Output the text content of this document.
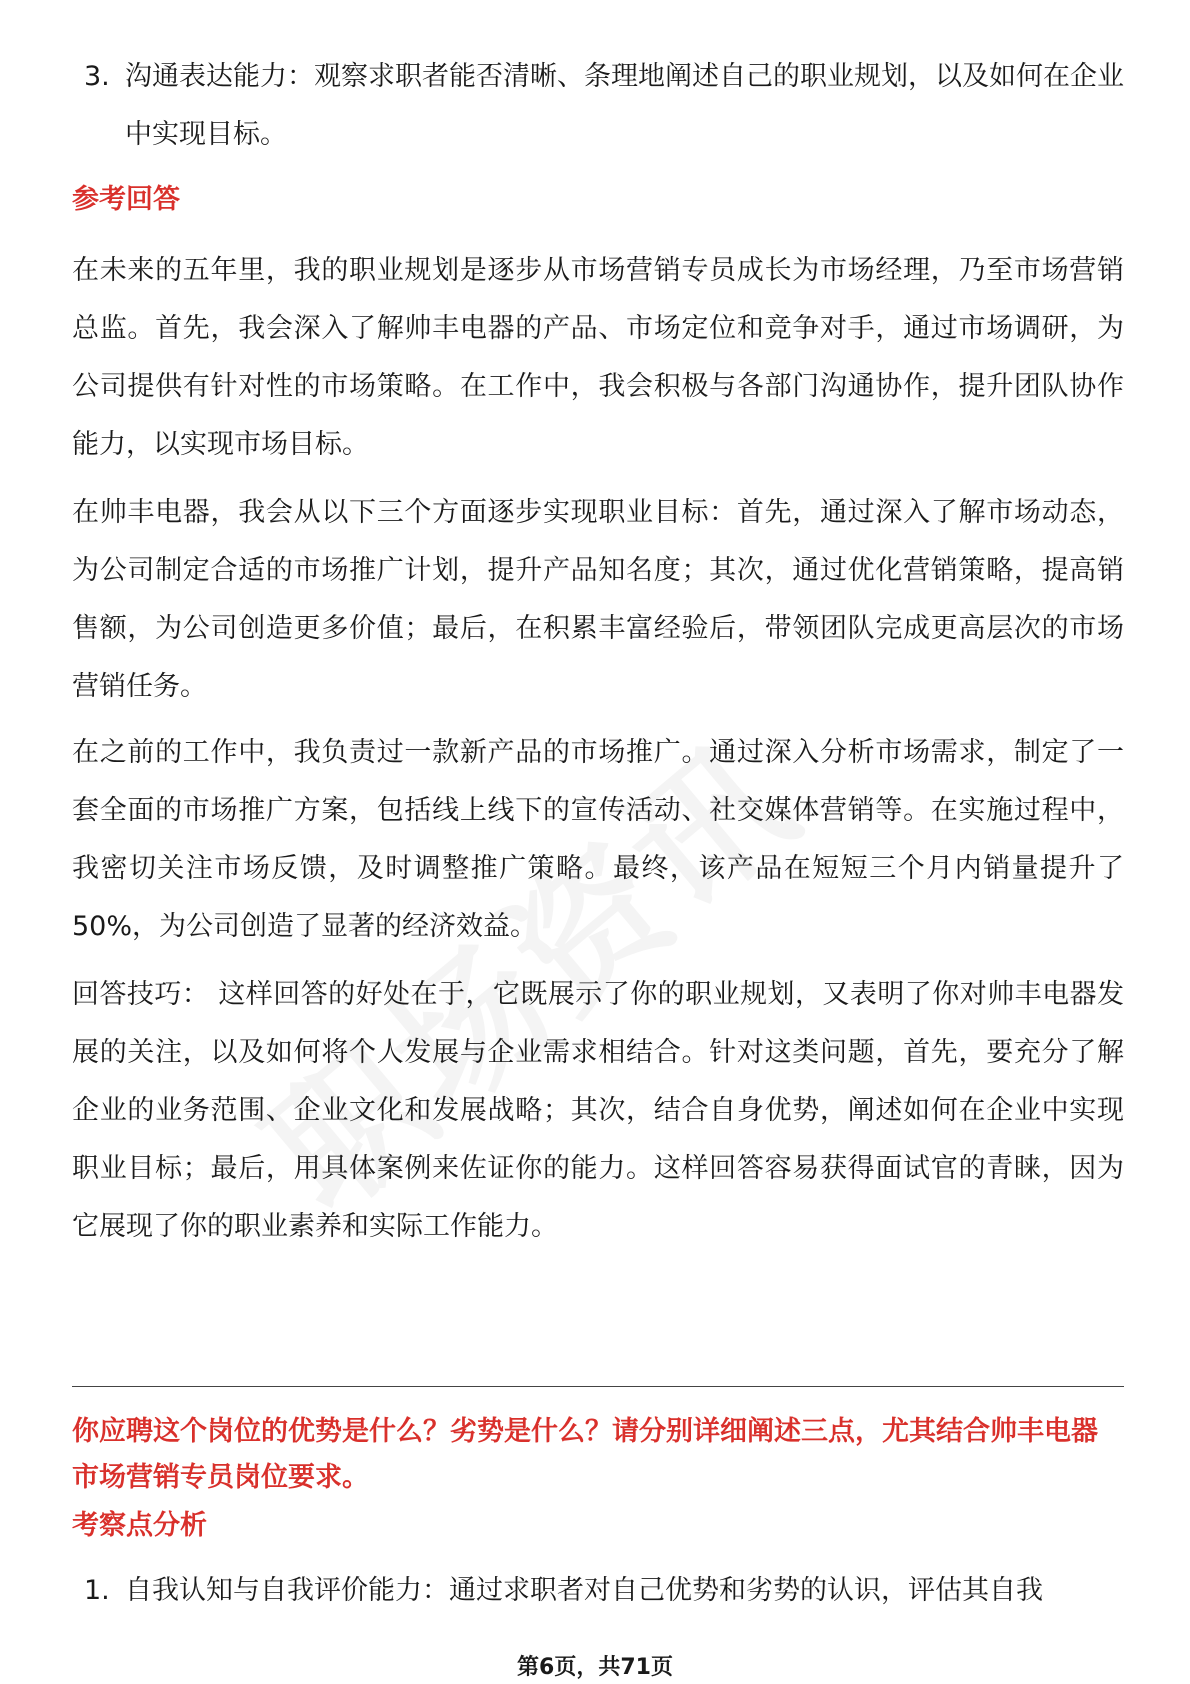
3. 沟通表达能力：观察求职者能否清晰、条理地阐述自己的职业规划，以及如何在企业中实现目标。
参考回答
在未来的五年里，我的职业规划是逐步从市场营销专员成长为市场经理，乃至市场营销总监。首先，我会深入了解帅丰电器的产品、市场定位和竞争对手，通过市场调研，为公司提供有针对性的市场策略。在工作中，我会积极与各部门沟通协作，提升团队协作能力，以实现市场目标。
在帅丰电器，我会从以下三个方面逐步实现职业目标：首先，通过深入了解市场动态，为公司制定合适的市场推广计划，提升产品知名度；其次，通过优化营销策略，提高销售额，为公司创造更多价值；最后，在积累丰富经验后，带领团队完成更高层次的市场营销任务。
在之前的工作中，我负责过一款新产品的市场推广。通过深入分析市场需求，制定了一套全面的市场推广方案，包括线上线下的宣传活动、社交媒体营销等。在实施过程中，我密切关注市场反馈，及时调整推广策略。最终，该产品在短短三个月内销量提升了50%，为公司创造了显著的经济效益。
回答技巧： 这样回答的好处在于，它既展示了你的职业规划，又表明了你对帅丰电器发展的关注，以及如何将个人发展与企业需求相结合。针对这类问题，首先，要充分了解企业的业务范围、企业文化和发展战略；其次，结合自身优势，阐述如何在企业中实现职业目标；最后，用具体案例来佐证你的能力。这样回答容易获得面试官的青睐，因为它展现了你的职业素养和实际工作能力。
你应聘这个岗位的优势是什么？劣势是什么？请分别详细阐述三点，尤其结合帅丰电器市场营销专员岗位要求。
考察点分析
1. 自我认知与自我评价能力：通过求职者对自己优势和劣势的认识，评估其自我
第6页，共71页
